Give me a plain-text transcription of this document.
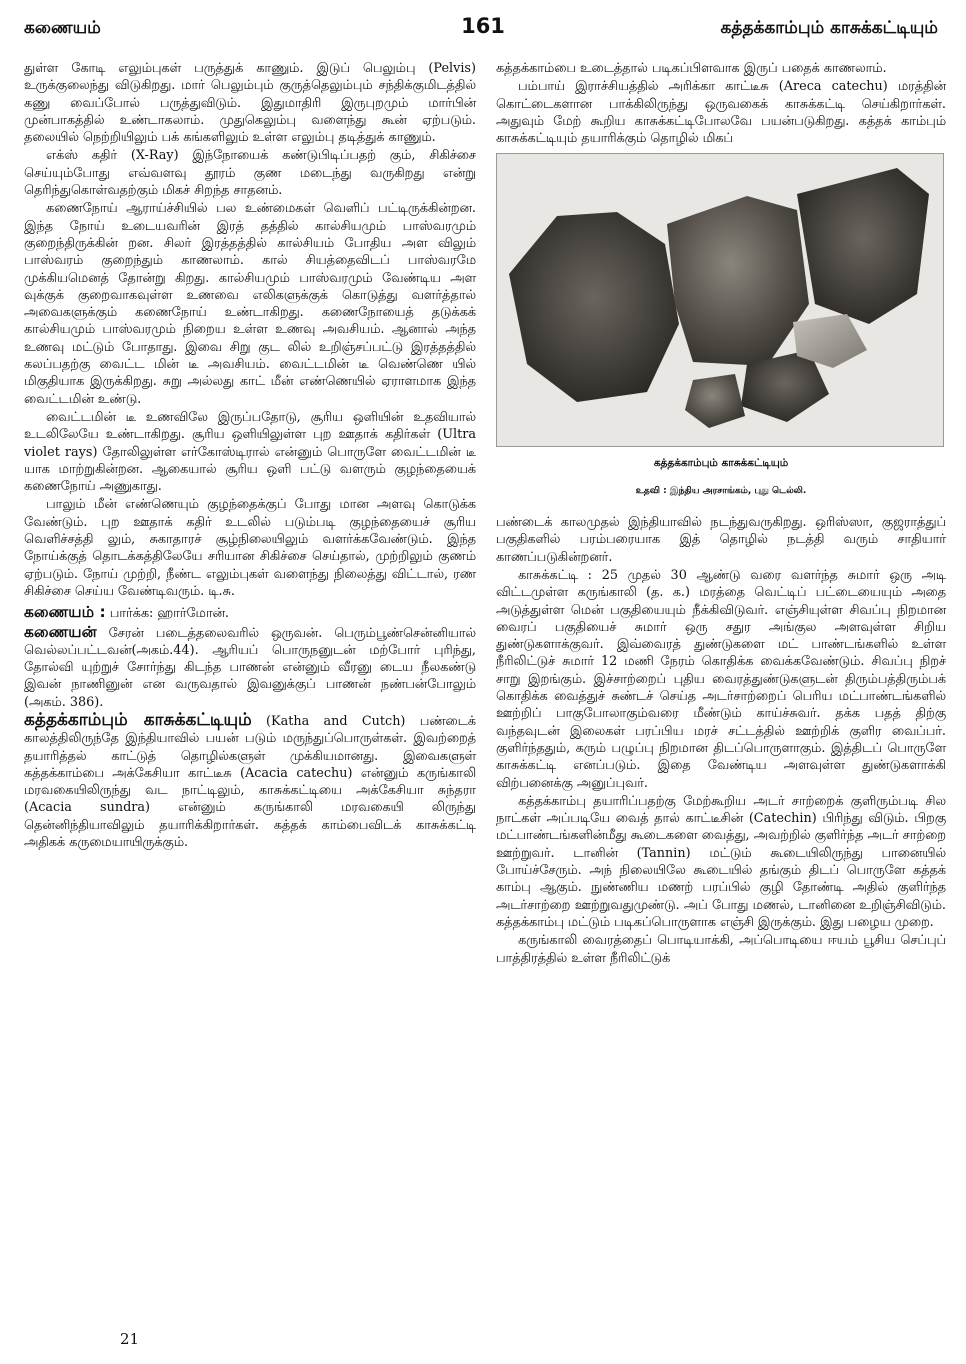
கணையம்	161	கத்தக்காம்பும் காசுக்கட்டியும்

துள்ள கோடி எலும்புகள் பருத்துக் காணும். இடுப் பெலும்பு (Pelvis) உருக்குலைந்து விடுகிறது. மார் பெலும்பும் குருத்தெலும்பும் சந்திக்குமிடத்தில் கணு வைப்போல் பருத்துவிடும். இதுமாதிரி இருபுறமும் மார்பின் முன்பாகத்தில் உண்டாகலாம். முதுகெலும்பு வளைந்து கூன் ஏற்படும். தலையில் நெற்றியிலும் பக் கங்களிலும் உள்ள எலும்பு தடித்துக் காணும்.

எக்ஸ் கதிர் (X-Ray) இந்நோயைக் கண்டுபிடிப்பதற் கும், சிகிச்சை செய்யும்போது எவ்வளவு தூரம் குண மடைந்து வருகிறது என்று தெரிந்துகொள்வதற்கும் மிகச் சிறந்த சாதனம்.

கணைநோய் ஆராய்ச்சியில் பல உண்மைகள் வெளிப் பட்டிருக்கின்றன. இந்த நோய் உடையவரின் இரத் தத்தில் கால்சியமும் பாஸ்வரமும் குறைந்திருக்கின் றன. சிலர் இரத்தத்தில் கால்சியம் போதிய அள விலும் பாஸ்வரம் குறைந்தும் காணலாம். கால் சியத்தைவிடப் பாஸ்வரமே முக்கியமெனத் தோன்று கிறது. கால்சியமும் பாஸ்வரமும் வேண்டிய அள வுக்குக் குறைவாகவுள்ள உணவை எலிகளுக்குக் கொடுத்து வளர்த்தால் அவைகளுக்கும் கணைநோய் உண்டாகிறது. கணைநோயைத் தடுக்கக் கால்சியமும் பாஸ்வரமும் நிறைய உள்ள உணவு அவசியம். ஆனால் அந்த உணவு மட்டும் போதாது. இவை சிறு குட லில் உறிஞ்சப்பட்டு இரத்தத்தில் கலப்பதற்கு வைட்ட மின் டீ அவசியம். வைட்டமின் டீ வெண்ணெ யில் மிகுதியாக இருக்கிறது. சுறு அல்லது காட் மீன் எண்ணெயில் ஏராளமாக இந்த வைட்டமின் உண்டு.

வைட்டமின் டீ உணவிலே இருப்பதோடு, சூரிய ஒளியின் உதவியால் உடலிலேயே உண்டாகிறது. சூரிய ஒளியிலுள்ள புற ஊதாக் கதிர்கள் (Ultra violet rays) தோலிலுள்ள எர்கோஸ்டிரால் என்னும் பொருளே வைட்டமின் டீ யாக மாற்றுகின்றன. ஆகையால் சூரிய ஒளி பட்டு வளரும் குழந்தையைக் கணைநோய் அணுகாது.

பாலும் மீன் எண்ணெயும் குழந்தைக்குப் போது மான அளவு கொடுக்க வேண்டும். புற ஊதாக் கதிர் உடலில் படும்படி குழந்தையைச் சூரிய வெளிச்சத்தி லும், சுகாதாரச் சூழ்நிலையிலும் வளர்க்கவேண்டும். இந்த நோய்க்குத் தொடக்கத்திலேயே சரியான சிகிச்சை செய்தால், முற்றிலும் குணம் ஏற்படும். நோய் முற்றி, நீண்ட எலும்புகள் வளைந்து நிலைத்து விட்டால், ரண சிகிச்சை செய்ய வேண்டிவரும். டி.சு.

கணையம் : பார்க்க: ஹார்மோன்.

கணையன் சேரன் படைத்தலைவரில் ஒருவன். பெரும்பூண்சென்னியால் வெல்லப்பட்டவன்(அகம்.44). ஆரியப் பொருநனுடன் மற்போர் புரிந்து, தோல்வி யுற்றுச் சோர்ந்து கிடந்த பாணன் என்னும் வீரனு டைய நீலகண்டு இவன் நாணினுன் என வருவதால் இவனுக்குப் பாணன் நண்பன்போலும் (அகம். 386).

கத்தக்காம்பும் காசுக்கட்டியும் (Katha and Cutch) பண்டைக் காலத்திலிருந்தே இந்தியாவில் பயன் படும் மருந்துப்பொருள்கள். இவற்றைத் தயாரித்தல் காட்டுத் தொழில்களுள் முக்கியமானது. இவைகளுள் கத்தக்காம்பை அக்கேசியா காட்டீசு (Acacia catechu) என்னும் கருங்காலி மரவகையிலிருந்து வட நாட்டிலும், காசுக்கட்டியை அக்கேசியா சுந்தரா (Acacia sundra) என்னும் கருங்காலி மரவகையி லிருந்து தென்னிந்தியாவிலும் தயாரிக்கிறார்கள். கத்தக் காம்பைவிடக் காசுக்கட்டி அதிகக் கருமையாயிருக்கும்.

கத்தக்காம்பை உடைத்தால் படிகப்பிளவாக இருப் பதைக் காணலாம்.

பம்பாய் இராச்சியத்தில் அரிக்கா காட்டீசு (Areca catechu) மரத்தின் கொட்டைகளான பாக்கிலிருந்து ஒருவகைக் காசுக்கட்டி செய்கிறார்கள். அதுவும் மேற் கூறிய காசுக்கட்டிபோலவே பயன்படுகிறது. கத்தக் காம்பும் காசுக்கட்டியும் தயாரிக்கும் தொழில் மிகப்

கத்தக்காம்பும் காசுக்கட்டியும்
உதவி : இந்திய அரசாங்கம், புது டெல்லி.

பண்டைக் காலமுதல் இந்தியாவில் நடந்துவருகிறது. ஒரிஸ்ஸா, குஜராத்துப் பகுதிகளில் பரம்பரையாக இத் தொழில் நடத்தி வரும் சாதியார் காணப்படுகின்றனர்.

காசுக்கட்டி : 25 முதல் 30 ஆண்டு வரை வளர்ந்த சுமார் ஒரு அடி விட்டமுள்ள கருங்காலி (த. க.) மரத்தை வெட்டிப் பட்டையையும் அதை அடுத்துள்ள மென் பகுதியையும் நீக்கிவிடுவர். எஞ்சியுள்ள சிவப்பு நிறமான வைரப் பகுதியைச் சுமார் ஒரு சதுர அங்குல அளவுள்ள சிறிய துண்டுகளாக்குவர். இவ்வைரத் துண்டுகளை மட் பாண்டங்களில் உள்ள நீரிலிட்டுச் சுமார் 12 மணி நேரம் கொதிக்க வைக்கவேண்டும். சிவப்பு நிறச் சாறு இறங்கும். இச்சாற்றைப் புதிய வைரத்துண்டுகளுடன் திரும்பத்திரும்பக் கொதிக்க வைத்துச் சுண்டச் செய்த அடர்சாற்றைப் பெரிய மட்பாண்டங்களில் ஊற்றிப் பாகுபோலாகும்வரை மீண்டும் காய்ச்சுவர். தக்க பதத் திற்கு வந்தவுடன் இலைகள் பரப்பிய மரச் சட்டத்தில் ஊற்றிக் குளிர வைப்பர். குளிர்ந்ததும், கரும் பழுப்பு நிறமான திடப்பொருளாகும். இத்திடப் பொருளே காசுக்கட்டி எனப்படும். இதை வேண்டிய அளவுள்ள துண்டுகளாக்கி விற்பனைக்கு அனுப்புவர்.

கத்தக்காம்பு தயாரிப்பதற்கு மேற்கூறிய அடர் சாற்றைக் குளிரும்படி சில நாட்கள் அப்படியே வைத் தால் காட்டீசின் (Catechin) பிரிந்து விடும். பிறகு மட்பாண்டங்களின்மீது கூடைகளை வைத்து, அவற்றில் குளிர்ந்த அடர் சாற்றை ஊற்றுவர். டானின் (Tannin) மட்டும் கூடையிலிருந்து பானையில் போய்ச்சேரும். அந் நிலையிலே கூடையில் தங்கும் திடப் பொருளே கத்தக் காம்பு ஆகும். நுண்ணிய மணற் பரப்பில் குழி தோண்டி அதில் குளிர்ந்த அடர்சாற்றை ஊற்றுவதுமுண்டு. அப் போது மணல், டானினை உறிஞ்சிவிடும். கத்தக்காம்பு மட்டும் படிகப்பொருளாக எஞ்சி இருக்கும். இது பழைய முறை.

கருங்காலி வைரத்தைப் பொடியாக்கி, அப்பொடியை ஈயம் பூசிய செப்புப் பாத்திரத்தில் உள்ள நீரிலிட்டுக்

21
